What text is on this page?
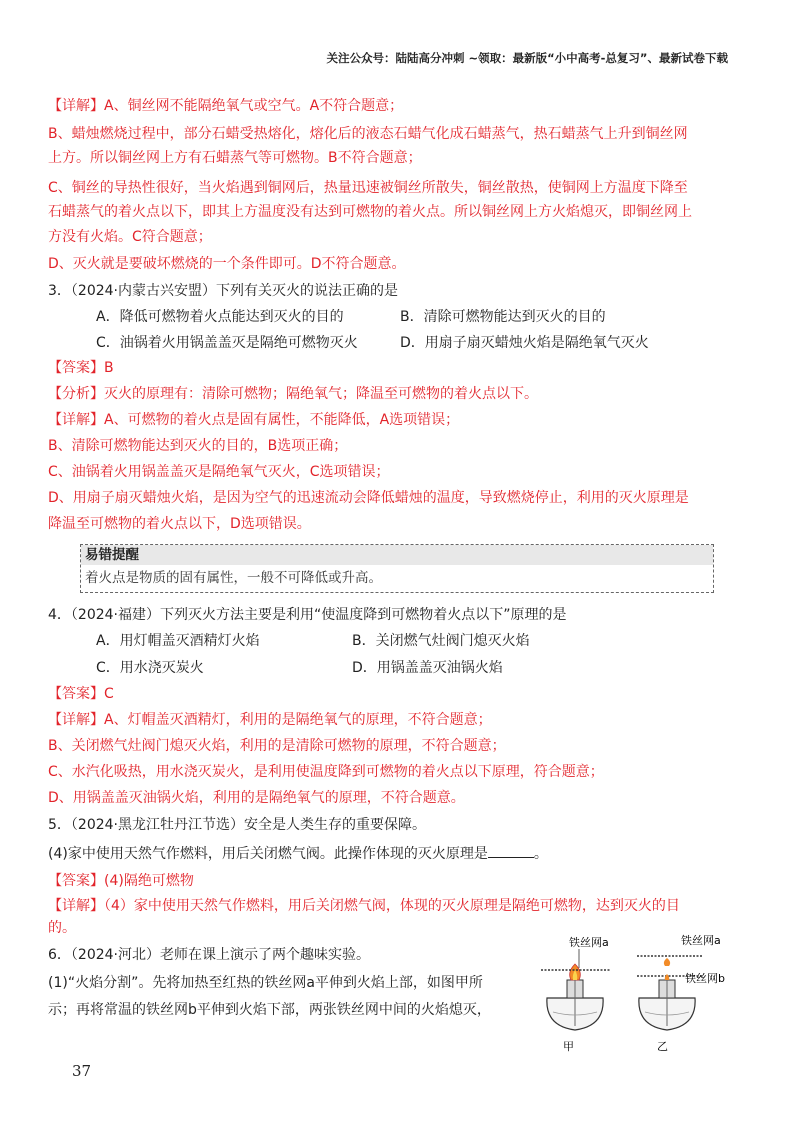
关注公众号：陆陆高分冲刺 ~领取：最新版“小中高考-总复习”、最新试卷下载
【详解】A、铜丝网不能隔绝氧气或空气。A不符合题意；
B、蜡烛燃烧过程中，部分石蜡受热熔化，熔化后的液态石蜡气化成石蜡蒸气，热石蜡蒸气上升到铜丝网
上方。所以铜丝网上方有石蜡蒸气等可燃物。B不符合题意；
C、铜丝的导热性很好，当火焰遇到铜网后，热量迅速被铜丝所散失，铜丝散热，使铜网上方温度下降至
石蜡蒸气的着火点以下，即其上方温度没有达到可燃物的着火点。所以铜丝网上方火焰熄灭，即铜丝网上
方没有火焰。C符合题意；
D、灭火就是要破坏燃烧的一个条件即可。D不符合题意。
3．（2024·内蒙古兴安盟）下列有关灭火的说法正确的是
A．降低可燃物着火点能达到灭火的目的	B．清除可燃物能达到灭火的目的
C．油锅着火用锅盖盖灭是隔绝可燃物灭火	D．用扇子扇灭蜡烛火焰是隔绝氧气灭火
【答案】B
【分析】灭火的原理有：清除可燃物；隔绝氧气；降温至可燃物的着火点以下。
【详解】A、可燃物的着火点是固有属性，不能降低，A选项错误；
B、清除可燃物能达到灭火的目的，B选项正确；
C、油锅着火用锅盖盖灭是隔绝氧气灭火，C选项错误；
D、用扇子扇灭蜡烛火焰，是因为空气的迅速流动会降低蜡烛的温度，导致燃烧停止，利用的灭火原理是
降温至可燃物的着火点以下，D选项错误。
易错提醒
着火点是物质的固有属性，一般不可降低或升高。
4．（2024·福建）下列灭火方法主要是利用“使温度降到可燃物着火点以下”原理的是
A．用灯帽盖灭酒精灯火焰	B．关闭燃气灶阀门熄灭火焰
C．用水浇灭炭火	D．用锅盖盖灭油锅火焰
【答案】C
【详解】A、灯帽盖灭酒精灯，利用的是隔绝氧气的原理，不符合题意；
B、关闭燃气灶阀门熄灭火焰，利用的是清除可燃物的原理，不符合题意；
C、水汽化吸热，用水浇灭炭火，是利用使温度降到可燃物的着火点以下原理，符合题意；
D、用锅盖盖灭油锅火焰，利用的是隔绝氧气的原理，不符合题意。
5．（2024·黑龙江牡丹江节选）安全是人类生存的重要保障。
(4)家中使用天然气作燃料，用后关闭燃气阀。此操作体现的灭火原理是	。
【答案】(4)隔绝可燃物
【详解】（4）家中使用天然气作燃料，用后关闭燃气阀，体现的灭火原理是隔绝可燃物，达到灭火的目
的。
6．（2024·河北）老师在课上演示了两个趣味实验。
(1)“火焰分割”。先将加热至红热的铁丝网a平伸到火焰上部，如图甲所
示；再将常温的铁丝网b平伸到火焰下部，两张铁丝网中间的火焰熄灭，
甲
铁丝网a
乙
铁丝网a
铁丝网b
37
